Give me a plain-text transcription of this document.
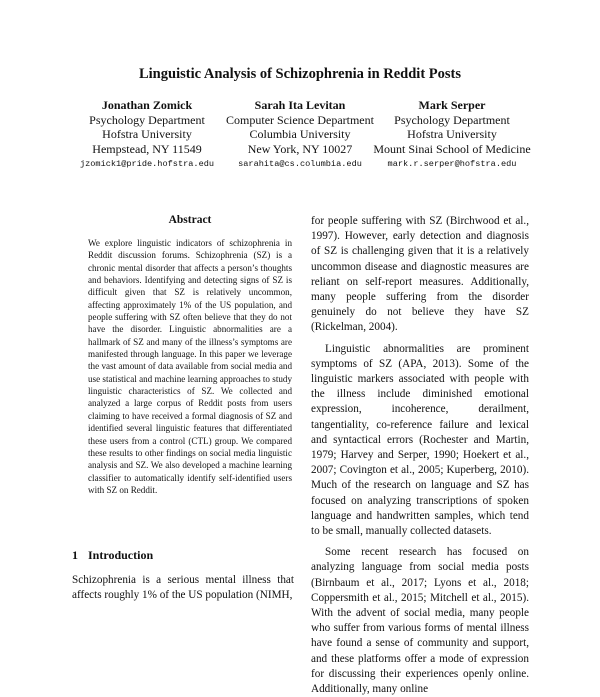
Linguistic Analysis of Schizophrenia in Reddit Posts
Jonathan Zomick
Psychology Department
Hofstra University
Hempstead, NY 11549
jzomick1@pride.hofstra.edu
Sarah Ita Levitan
Computer Science Department
Columbia University
New York, NY 10027
sarahita@cs.columbia.edu
Mark Serper
Psychology Department
Hofstra University
Mount Sinai School of Medicine
mark.r.serper@hofstra.edu
Abstract

We explore linguistic indicators of schizophrenia in Reddit discussion forums. Schizophrenia (SZ) is a chronic mental disorder that affects a person’s thoughts and behaviors. Identifying and detecting signs of SZ is difficult given that SZ is relatively uncommon, affecting approximately 1% of the US population, and people suffering with SZ often believe that they do not have the disorder. Linguistic abnormalities are a hallmark of SZ and many of the illness’s symptoms are manifested through language. In this paper we leverage the vast amount of data available from social media and use statistical and machine learning approaches to study linguistic characteristics of SZ. We collected and analyzed a large corpus of Reddit posts from users claiming to have received a formal diagnosis of SZ and identified several linguistic features that differentiated these users from a control (CTL) group. We compared these results to other findings on social media linguistic analysis and SZ. We also developed a machine learning classifier to automatically identify self-identified users with SZ on Reddit.

1 Introduction

Schizophrenia is a serious mental illness that affects roughly 1% of the US population (NIMH,

for people suffering with SZ (Birchwood et al., 1997). However, early detection and diagnosis of SZ is challenging given that it is a relatively uncommon disease and diagnostic measures are reliant on self-report measures. Additionally, many people suffering from the disorder genuinely do not believe they have SZ (Rickelman, 2004).

Linguistic abnormalities are prominent symptoms of SZ (APA, 2013). Some of the linguistic markers associated with people with the illness include diminished emotional expression, incoherence, derailment, tangentiality, co-reference failure and lexical and syntactical errors (Rochester and Martin, 1979; Harvey and Serper, 1990; Hoekert et al., 2007; Covington et al., 2005; Kuperberg, 2010). Much of the research on language and SZ has focused on analyzing transcriptions of spoken language and handwritten samples, which tend to be small, manually collected datasets.

Some recent research has focused on analyzing language from social media posts (Birnbaum et al., 2017; Lyons et al., 2018; Coppersmith et al., 2015; Mitchell et al., 2015). With the advent of social media, many people who suffer from various forms of mental illness have found a sense of community and support, and these platforms offer a mode of expression for discussing their experiences openly online. Additionally, many online
